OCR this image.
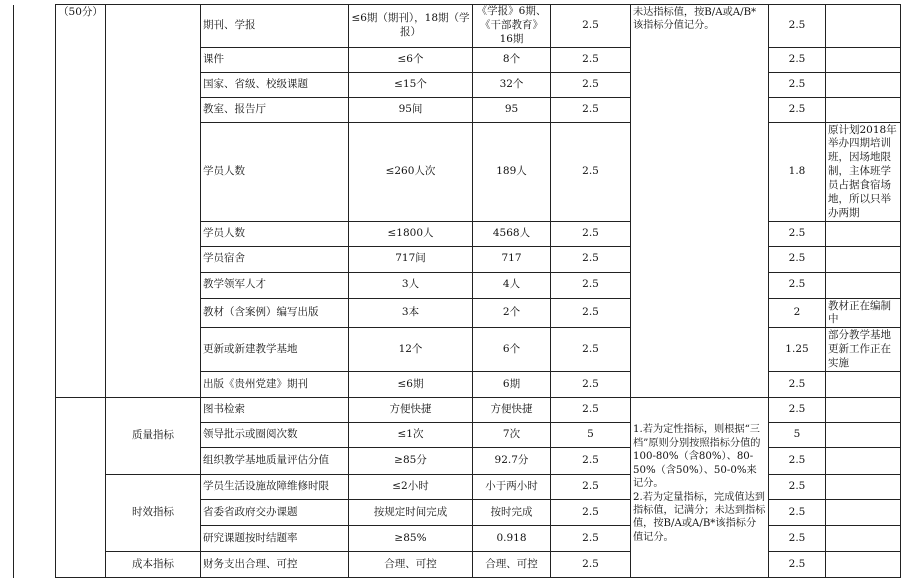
	（50分）		期刊、学报	≤6期（期刊），18期（学报）	《学报》6期、《干部教育》16期	2.5	未达指标值，按B/A或A/B*该指标分值记分。	2.5	
			课件	≤6个	8个	2.5		2.5	
			国家、省级、校级课题	≤15个	32个	2.5		2.5	
			教室、报告厅	95间	95	2.5		2.5	
			学员人数	≤260人次	189人	2.5		1.8	原计划2018年举办四期培训班，因场地限制，主体班学员占据食宿场地，所以只举办两期
			学员人数	≤1800人	4568人	2.5		2.5	
			学员宿舍	717间	717	2.5		2.5	
			教学领军人才	3人	4人	2.5		2.5	
			教材（含案例）编写出版	3本	2个	2.5		2	教材正在编制中
			更新或新建教学基地	12个	6个	2.5		1.25	部分教学基地更新工作正在实施
			出版《贵州党建》期刊	≤6期	6期	2.5		2.5	
		质量指标	图书检索	方便快捷	方便快捷	2.5	1.若为定性指标，则根据“三档”原则分别按照指标分值的100-80%（含80%）、80-50%（含50%）、50-0%来记分。
2.若为定量指标，完成值达到指标值，记满分；未达到指标值，按B/A或A/B*该指标分值记分。	2.5	
			领导批示或圈阅次数	≤1次	7次	5		5	
			组织教学基地质量评估分值	≥85分	92.7分	2.5		2.5	
		时效指标	学员生活设施故障维修时限	≤2小时	小于两小时	2.5		2.5	
			省委省政府交办课题	按规定时间完成	按时完成	2.5		2.5	
			研究课题按时结题率	≥85%	0.918	2.5		2.5	
		成本指标	财务支出合理、可控	合理、可控	合理、可控	2.5		2.5	
